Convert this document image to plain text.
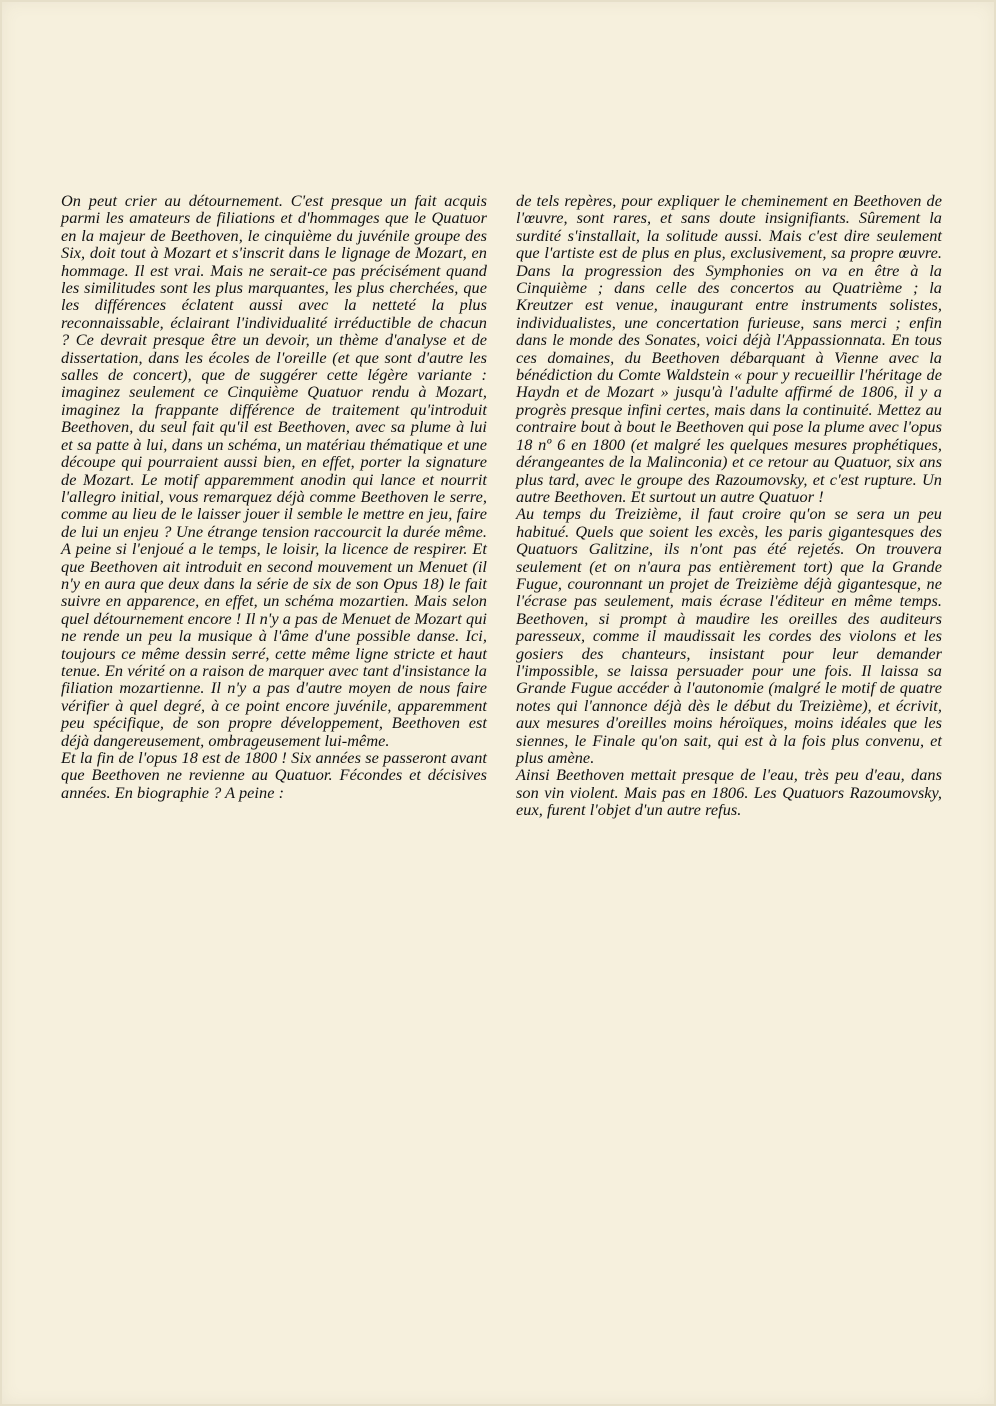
On peut crier au détournement. C'est presque un fait acquis parmi les amateurs de filiations et d'hommages que le Quatuor en la majeur de Beethoven, le cinquième du juvénile groupe des Six, doit tout à Mozart et s'inscrit dans le lignage de Mozart, en hommage. Il est vrai. Mais ne serait-ce pas précisément quand les similitudes sont les plus marquantes, les plus cherchées, que les différences éclatent aussi avec la netteté la plus reconnaissable, éclairant l'individualité irréductible de chacun ? Ce devrait presque être un devoir, un thème d'analyse et de dissertation, dans les écoles de l'oreille (et que sont d'autre les salles de concert), que de suggérer cette légère variante : imaginez seulement ce Cinquième Quatuor rendu à Mozart, imaginez la frappante différence de traitement qu'introduit Beethoven, du seul fait qu'il est Beethoven, avec sa plume à lui et sa patte à lui, dans un schéma, un matériau thématique et une découpe qui pourraient aussi bien, en effet, porter la signature de Mozart. Le motif apparemment anodin qui lance et nourrit l'allegro initial, vous remarquez déjà comme Beethoven le serre, comme au lieu de le laisser jouer il semble le mettre en jeu, faire de lui un enjeu ? Une étrange tension raccourcit la durée même. A peine si l'enjoué a le temps, le loisir, la licence de respirer. Et que Beethoven ait introduit en second mouvement un Menuet (il n'y en aura que deux dans la série de six de son Opus 18) le fait suivre en apparence, en effet, un schéma mozartien. Mais selon quel détournement encore ! Il n'y a pas de Menuet de Mozart qui ne rende un peu la musique à l'âme d'une possible danse. Ici, toujours ce même dessin serré, cette même ligne stricte et haut tenue. En vérité on a raison de marquer avec tant d'insistance la filiation mozartienne. Il n'y a pas d'autre moyen de nous faire vérifier à quel degré, à ce point encore juvénile, apparemment peu spécifique, de son propre développement, Beethoven est déjà dangereusement, ombrageusement lui-même.

Et la fin de l'opus 18 est de 1800 ! Six années se passeront avant que Beethoven ne revienne au Quatuor. Fécondes et décisives années. En biographie ? A peine :

de tels repères, pour expliquer le cheminement en Beethoven de l'œuvre, sont rares, et sans doute insignifiants. Sûrement la surdité s'installait, la solitude aussi. Mais c'est dire seulement que l'artiste est de plus en plus, exclusivement, sa propre œuvre. Dans la progression des Symphonies on va en être à la Cinquième ; dans celle des concertos au Quatrième ; la Kreutzer est venue, inaugurant entre instruments solistes, individualistes, une concertation furieuse, sans merci ; enfin dans le monde des Sonates, voici déjà l'Appassionnata. En tous ces domaines, du Beethoven débarquant à Vienne avec la bénédiction du Comte Waldstein « pour y recueillir l'héritage de Haydn et de Mozart » jusqu'à l'adulte affirmé de 1806, il y a progrès presque infini certes, mais dans la continuité. Mettez au contraire bout à bout le Beethoven qui pose la plume avec l'opus 18 nº 6 en 1800 (et malgré les quelques mesures prophétiques, dérangeantes de la Malinconia) et ce retour au Quatuor, six ans plus tard, avec le groupe des Razoumovsky, et c'est rupture. Un autre Beethoven. Et surtout un autre Quatuor !

Au temps du Treizième, il faut croire qu'on se sera un peu habitué. Quels que soient les excès, les paris gigantesques des Quatuors Galitzine, ils n'ont pas été rejetés. On trouvera seulement (et on n'aura pas entièrement tort) que la Grande Fugue, couronnant un projet de Treizième déjà gigantesque, ne l'écrase pas seulement, mais écrase l'éditeur en même temps. Beethoven, si prompt à maudire les oreilles des auditeurs paresseux, comme il maudissait les cordes des violons et les gosiers des chanteurs, insistant pour leur demander l'impossible, se laissa persuader pour une fois. Il laissa sa Grande Fugue accéder à l'autonomie (malgré le motif de quatre notes qui l'annonce déjà dès le début du Treizième), et écrivit, aux mesures d'oreilles moins héroïques, moins idéales que les siennes, le Finale qu'on sait, qui est à la fois plus convenu, et plus amène.

Ainsi Beethoven mettait presque de l'eau, très peu d'eau, dans son vin violent. Mais pas en 1806. Les Quatuors Razoumovsky, eux, furent l'objet d'un autre refus.
